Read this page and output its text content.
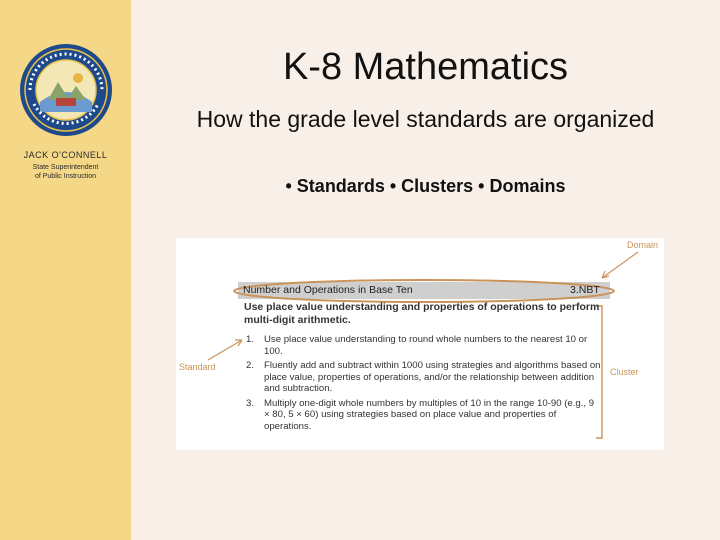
JACK O'CONNELL
State Superintendent
of Public Instruction
K-8 Mathematics
How the grade level standards are organized
• Standards • Clusters • Domains
Domain
Cluster
Standard
Number and Operations in Base Ten	3.NBT
Use place value understanding and properties of operations to perform multi-digit arithmetic.
1. Use place value understanding to round whole numbers to the nearest 10 or 100.
2. Fluently add and subtract within 1000 using strategies and algorithms based on place value, properties of operations, and/or the relationship between addition and subtraction.
3. Multiply one-digit whole numbers by multiples of 10 in the range 10-90 (e.g., 9 × 80, 5 × 60) using strategies based on place value and properties of operations.
